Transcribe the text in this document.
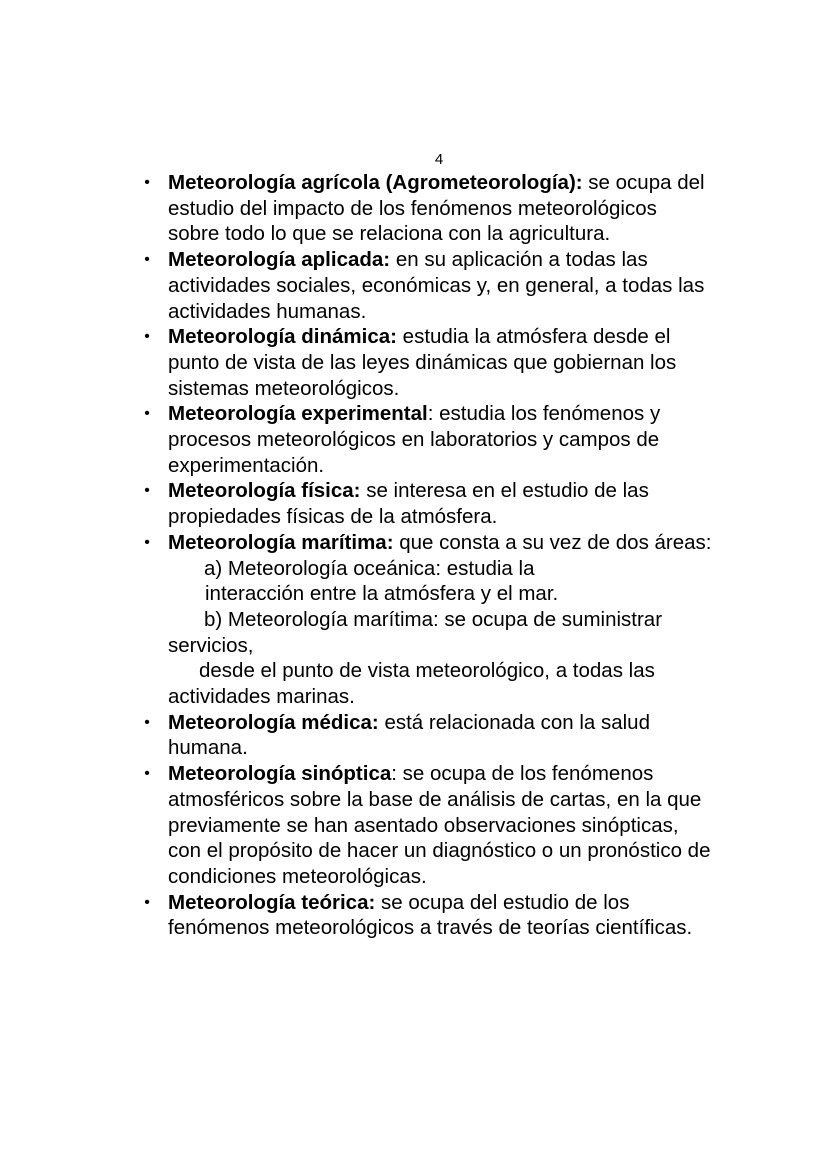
4
• Meteorología agrícola (Agrometeorología): se ocupa del estudio del impacto de los fenómenos meteorológicos sobre todo lo que se relaciona con la agricultura.
• Meteorología aplicada: en su aplicación a todas las actividades sociales, económicas y, en general, a todas las actividades humanas.
• Meteorología dinámica: estudia la atmósfera desde el punto de vista de las leyes dinámicas que gobiernan los sistemas meteorológicos.
• Meteorología experimental: estudia los fenómenos y procesos meteorológicos en laboratorios y campos de experimentación.
• Meteorología física: se interesa en el estudio de las propiedades físicas de la atmósfera.
• Meteorología marítima: que consta a su vez de dos áreas:
a) Meteorología oceánica: estudia la
interacción entre la atmósfera y el mar.
b) Meteorología marítima: se ocupa de suministrar
servicios,
desde el punto de vista meteorológico, a todas las
actividades marinas.
• Meteorología médica: está relacionada con la salud humana.
• Meteorología sinóptica: se ocupa de los fenómenos atmosféricos sobre la base de análisis de cartas, en la que previamente se han asentado observaciones sinópticas, con el propósito de hacer un diagnóstico o un pronóstico de condiciones meteorológicas.
• Meteorología teórica: se ocupa del estudio de los fenómenos meteorológicos a través de teorías científicas.
